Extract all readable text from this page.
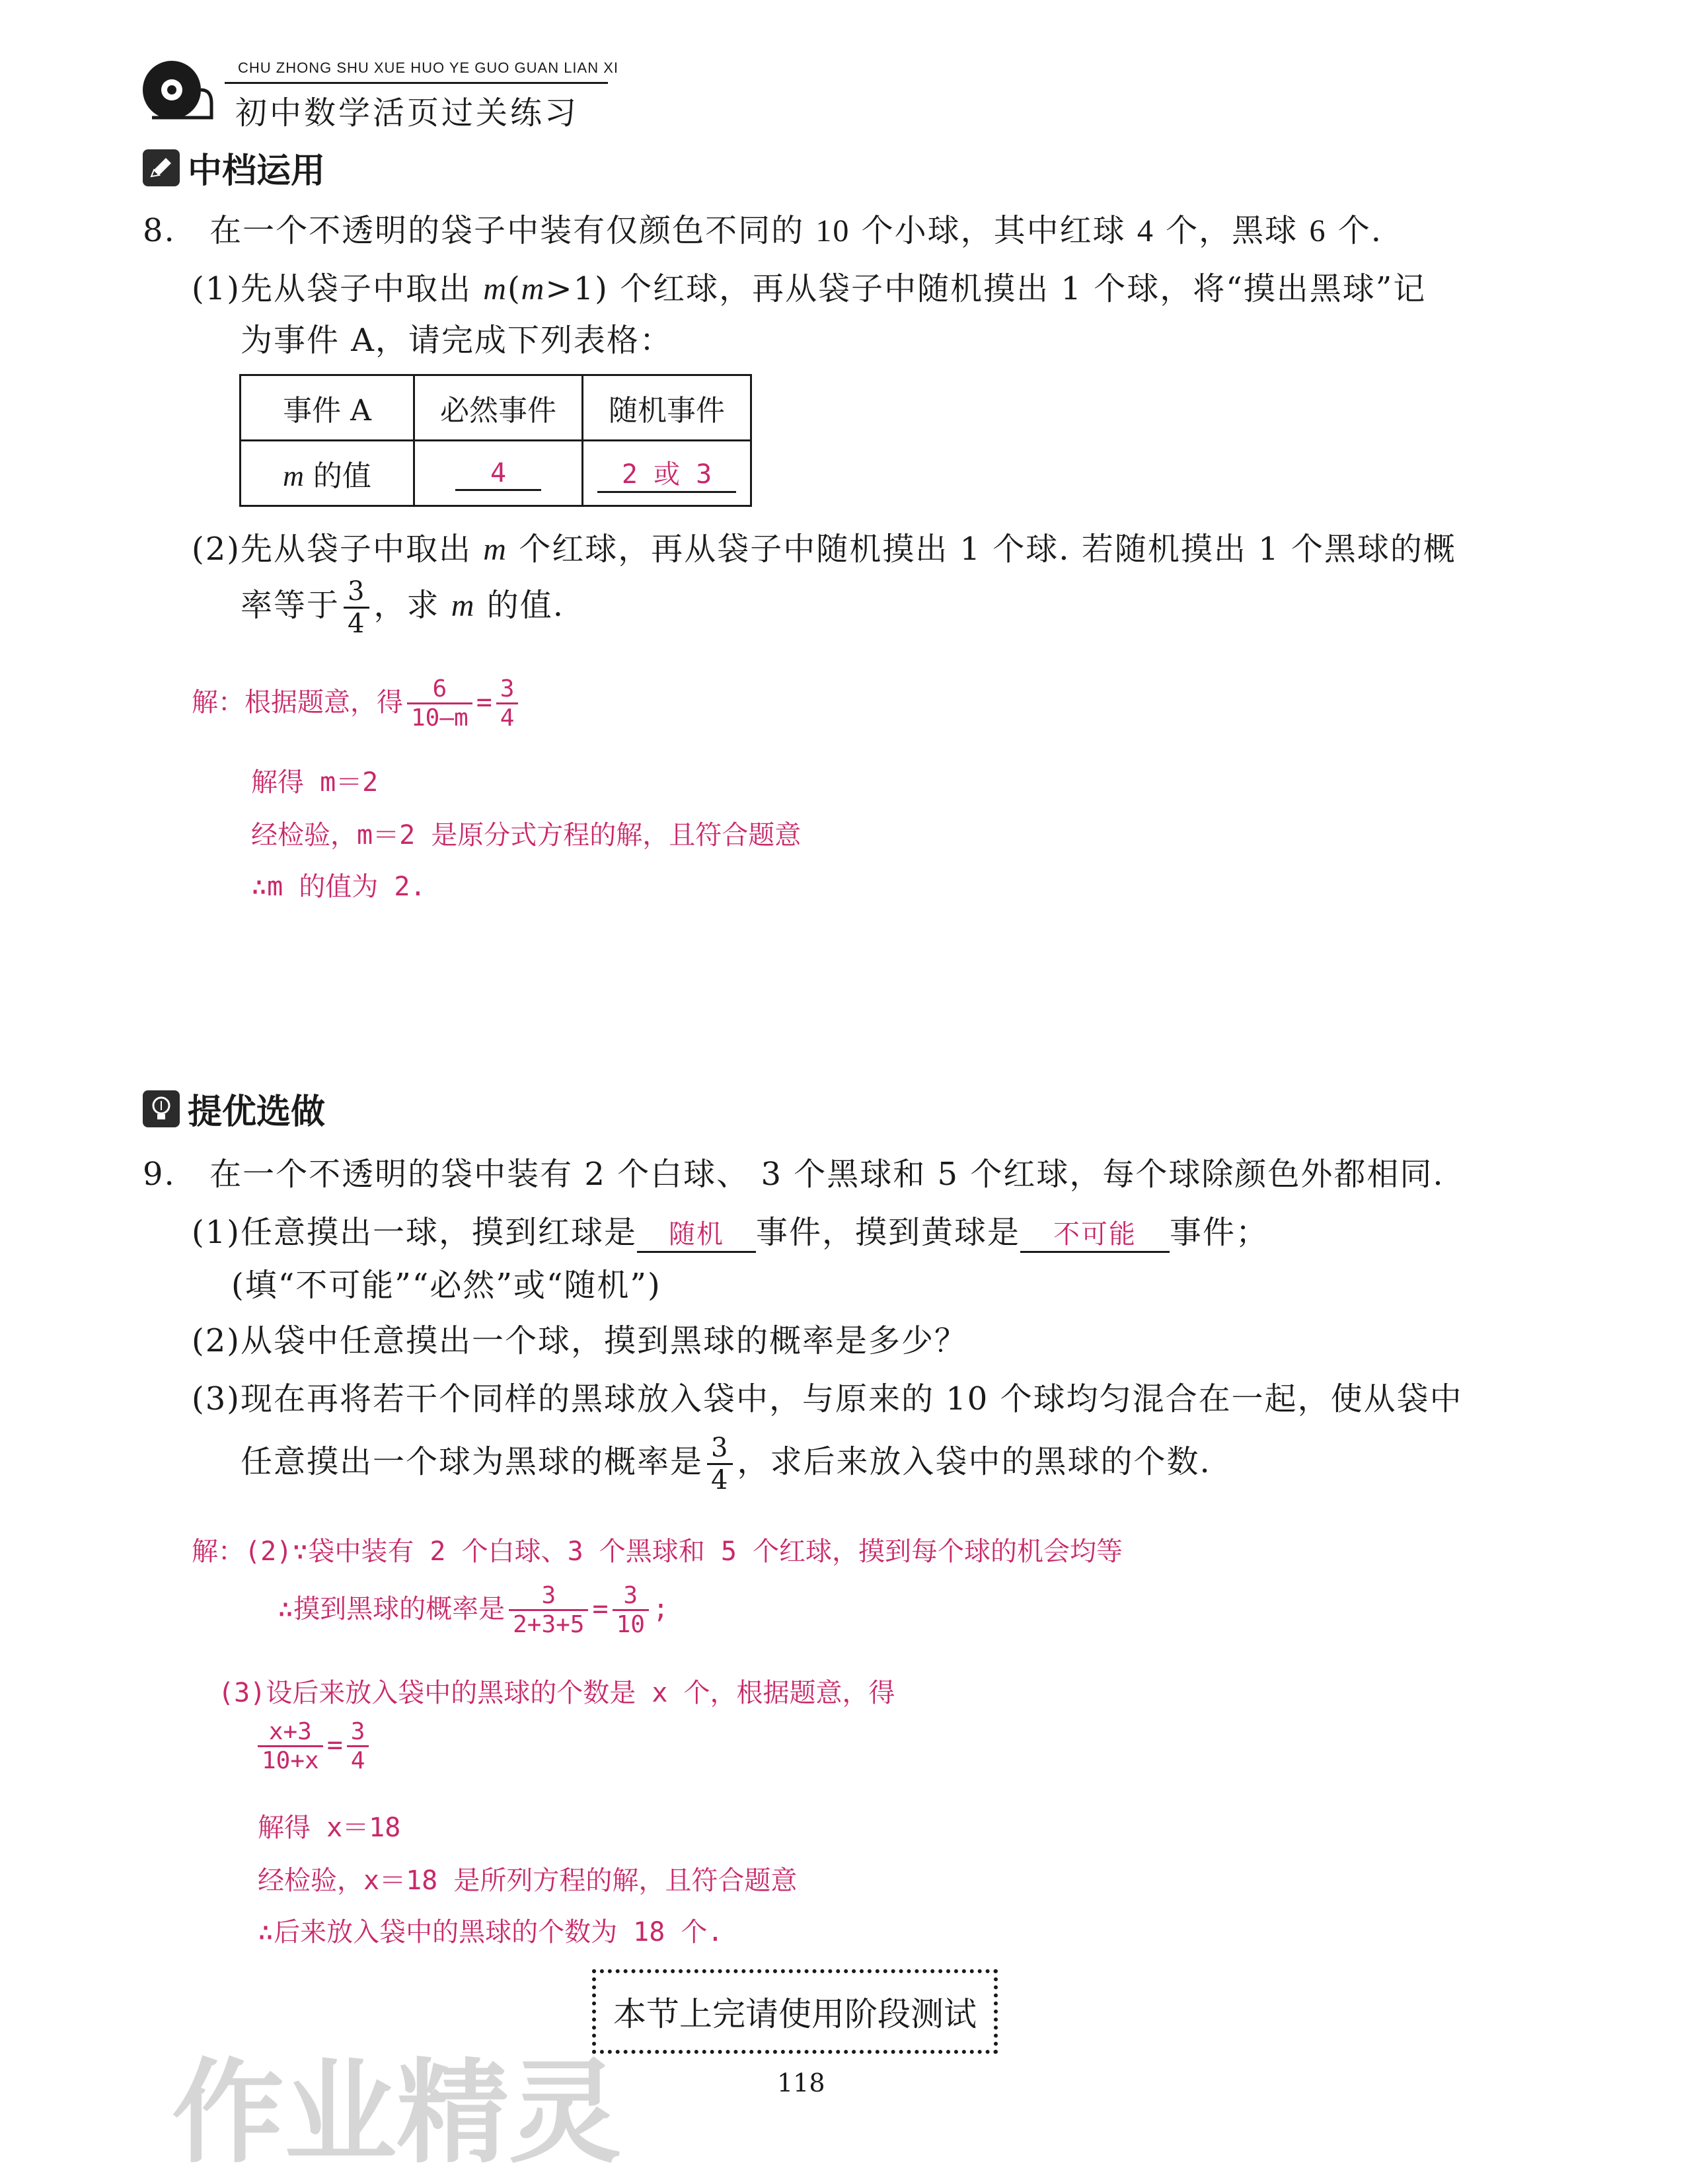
CHU ZHONG SHU XUE HUO YE GUO GUAN LIAN XI
初中数学活页过关练习
中档运用
8. 在一个不透明的袋子中装有仅颜色不同的 10 个小球，其中红球 4 个，黑球 6 个.
(1)先从袋子中取出 m(m>1) 个红球，再从袋子中随机摸出 1 个球，将“摸出黑球”记
为事件 A，请完成下列表格：
事件 A	必然事件	随机事件
m 的值	4	2 或 3
(2)先从袋子中取出 m 个红球，再从袋子中随机摸出 1 个球. 若随机摸出 1 个黑球的概
率等于 $\frac{3}{4}$ ，求 m 的值.
解：根据题意，得 $\frac{6}{10—m} = \frac{3}{4}$
解得 m＝2
经检验，m＝2 是原分式方程的解，且符合题意
∴m 的值为 2.
提优选做
9. 在一个不透明的袋中装有 2 个白球、 3 个黑球和 5 个红球，每个球除颜色外都相同.
(1)任意摸出一球，摸到红球是 随机 事件，摸到黄球是 不可能 事件；
(填“不可能”“必然”或“随机”)
(2)从袋中任意摸出一个球，摸到黑球的概率是多少？
(3)现在再将若干个同样的黑球放入袋中，与原来的 10 个球均匀混合在一起，使从袋中
任意摸出一个球为黑球的概率是 $\frac{3}{4}$ ，求后来放入袋中的黑球的个数.
解：(2)∵袋中装有 2 个白球、3 个黑球和 5 个红球，摸到每个球的机会均等
∴摸到黑球的概率是 $\frac{3}{2+3+5} = \frac{3}{10}$ ;
(3)设后来放入袋中的黑球的个数是 x 个，根据题意，得
$\frac{x+3}{10+x} = \frac{3}{4}$
解得 x＝18
经检验，x＝18 是所列方程的解，且符合题意
∴后来放入袋中的黑球的个数为 18 个.
本节上完请使用阶段测试
118
作业精灵
